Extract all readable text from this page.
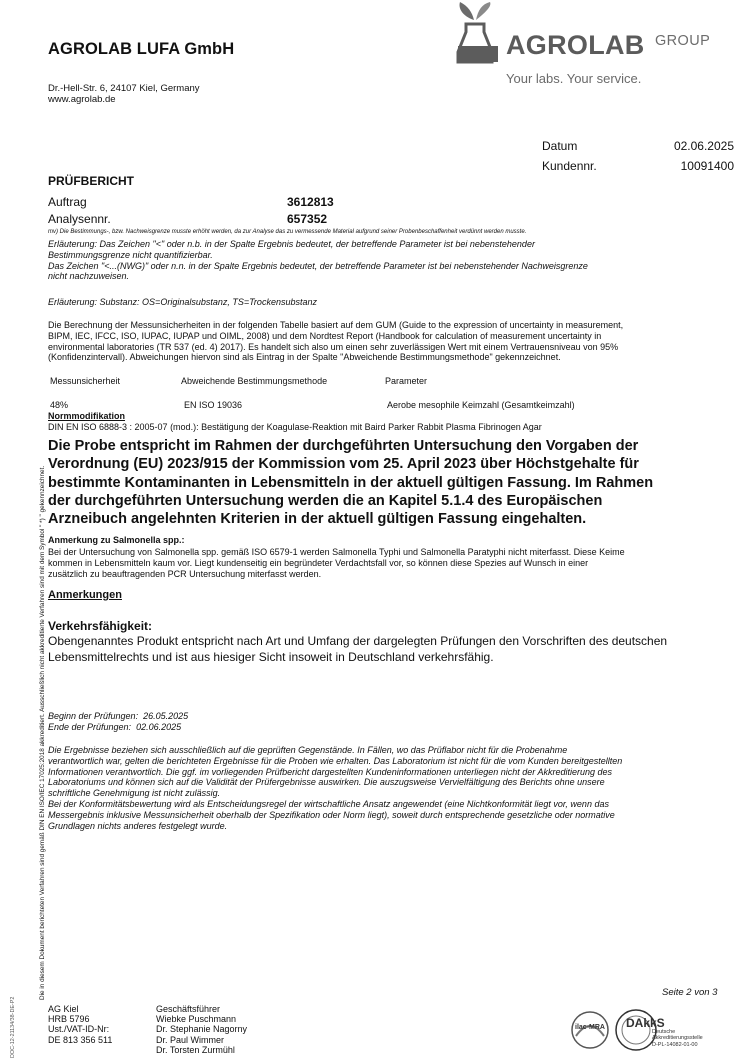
AGROLAB LUFA GmbH
Dr.-Hell-Str. 6, 24107 Kiel, Germany
www.agrolab.de
AGROLAB GROUP
Your labs. Your service.
Datum	02.06.2025
Kundennr.	10091400
PRÜFBERICHT
Auftrag	3612813
Analysennr.	657352
mv) Die Bestimmungs-, bzw. Nachweisgrenze musste erhöht werden, da zur Analyse das zu vermessende Material aufgrund seiner Probenbeschaffenheit verdünnt werden musste.
Erläuterung: Das Zeichen "<" oder n.b. in der Spalte Ergebnis bedeutet, der betreffende Parameter ist bei nebenstehender
Bestimmungsgrenze nicht quantifizierbar.
Das Zeichen "<...(NWG)" oder n.n. in der Spalte Ergebnis bedeutet, der betreffende Parameter ist bei nebenstehender Nachweisgrenze
nicht nachzuweisen.
Erläuterung: Substanz: OS=Originalsubstanz, TS=Trockensubstanz
Die Berechnung der Messunsicherheiten in der folgenden Tabelle basiert auf dem GUM (Guide to the expression of uncertainty in measurement,
BIPM, IEC, IFCC, ISO, IUPAC, IUPAP und OIML, 2008) und dem Nordtest Report (Handbook for calculation of measurement uncertainty in
environmental laboratories (TR 537 (ed. 4) 2017). Es handelt sich also um einen sehr zuverlässigen Wert mit einem Vertrauensniveau von 95%
(Konfidenzintervall). Abweichungen hiervon sind als Eintrag in der Spalte "Abweichende Bestimmungsmethode" gekennzeichnet.
Messunsicherheit	Abweichende Bestimmungsmethode	Parameter
48%	EN ISO 19036	Aerobe mesophile Keimzahl (Gesamtkeimzahl)
Normmodifikation
DIN EN ISO 6888-3 : 2005-07 (mod.): Bestätigung der Koagulase-Reaktion mit Baird Parker Rabbit Plasma Fibrinogen Agar
Die Probe entspricht im Rahmen der durchgeführten Untersuchung den Vorgaben der
Verordnung (EU) 2023/915 der Kommission vom 25. April 2023 über Höchstgehalte für
bestimmte Kontaminanten in Lebensmitteln in der aktuell gültigen Fassung. Im Rahmen
der durchgeführten Untersuchung werden die an Kapitel 5.1.4 des Europäischen
Arzneibuch angelehnten Kriterien in der aktuell gültigen Fassung eingehalten.
Anmerkung zu Salmonella spp.:
Bei der Untersuchung von Salmonella spp. gemäß ISO 6579-1 werden Salmonella Typhi und Salmonella Paratyphi nicht miterfasst. Diese Keime
kommen in Lebensmitteln kaum vor. Liegt kundenseitig ein begründeter Verdachtsfall vor, so können diese Spezies auf Wunsch in einer
zusätzlich zu beauftragenden PCR Untersuchung miterfasst werden.
Anmerkungen
Verkehrsfähigkeit:
Obengenanntes Produkt entspricht nach Art und Umfang der dargelegten Prüfungen den Vorschriften des deutschen
Lebensmittelrechts und ist aus hiesiger Sicht insoweit in Deutschland verkehrsfähig.
Beginn der Prüfungen: 26.05.2025
Ende der Prüfungen: 02.06.2025
Die Ergebnisse beziehen sich ausschließlich auf die geprüften Gegenstände. In Fällen, wo das Prüflabor nicht für die Probenahme
verantwortlich war, gelten die berichteten Ergebnisse für die Proben wie erhalten. Das Laboratorium ist nicht für die vom Kunden bereitgestellten
Informationen verantwortlich. Die ggf. im vorliegenden Prüfbericht dargestellten Kundeninformationen unterliegen nicht der Akkreditierung des
Laboratoriums und können sich auf die Validität der Prüfergebnisse auswirken. Die auszugsweise Vervielfältigung des Berichts ohne unsere
schriftliche Genehmigung ist nicht zulässig.
Bei der Konformitätsbewertung wird als Entscheidungsregel der wirtschaftliche Ansatz angewendet (eine Nichtkonformität liegt vor, wenn das
Messergebnis inklusive Messunsicherheit oberhalb der Spezifikation oder Norm liegt), soweit durch entsprechende gesetzliche oder normative
Grundlagen nichts anderes festgelegt wurde.
Seite 2 von 3
AG Kiel
HRB 5796
Ust./VAT-ID-Nr:
DE 813 356 511
Geschäftsführer
Wiebke Puschmann
Dr. Stephanie Nagorny
Dr. Paul Wimmer
Dr. Torsten Zurmühl
ilac-MRA	DAkkS
Deutsche
Akkreditierungsstelle
D-PL-14082-01-00
Die in diesem Dokument berichteten Verfahren sind gemäß DIN EN ISO/IEC 17025:2018 akkreditiert. Ausschließlich nicht akkreditierte Verfahren sind mit dem Symbol " *) " gekennzeichnet.
DOC-12-21134/38-DE-P2
